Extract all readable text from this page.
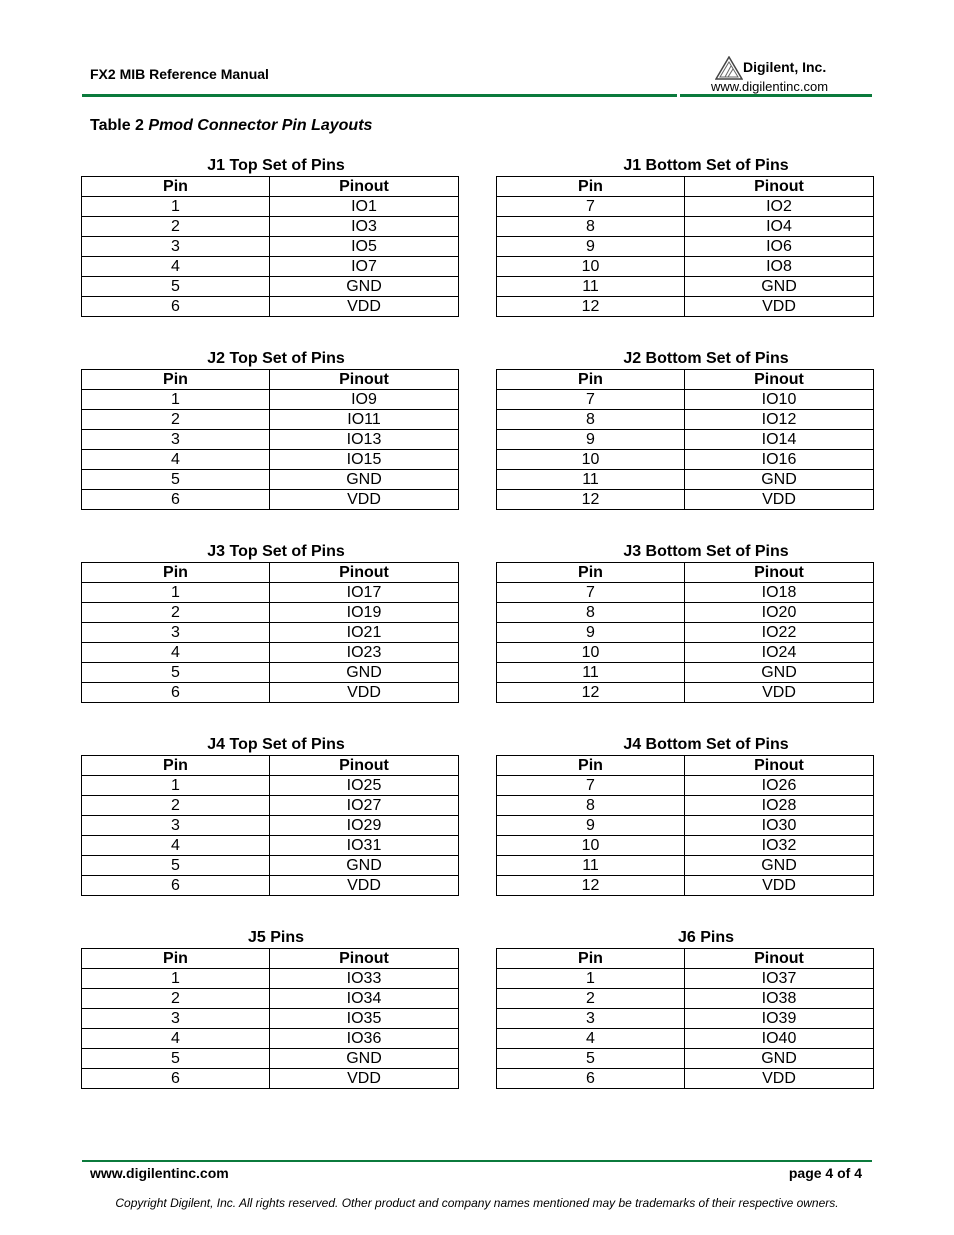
FX2 MIB Reference Manual	Digilent, Inc.
www.digilentinc.com
Table 2 Pmod Connector Pin Layouts
J1 Top Set of Pins
Pin	Pinout
1	IO1
2	IO3
3	IO5
4	IO7
5	GND
6	VDD
J1 Bottom Set of Pins
Pin	Pinout
7	IO2
8	IO4
9	IO6
10	IO8
11	GND
12	VDD
J2 Top Set of Pins
Pin	Pinout
1	IO9
2	IO11
3	IO13
4	IO15
5	GND
6	VDD
J2 Bottom Set of Pins
Pin	Pinout
7	IO10
8	IO12
9	IO14
10	IO16
11	GND
12	VDD
J3 Top Set of Pins
Pin	Pinout
1	IO17
2	IO19
3	IO21
4	IO23
5	GND
6	VDD
J3 Bottom Set of Pins
Pin	Pinout
7	IO18
8	IO20
9	IO22
10	IO24
11	GND
12	VDD
J4 Top Set of Pins
Pin	Pinout
1	IO25
2	IO27
3	IO29
4	IO31
5	GND
6	VDD
J4 Bottom Set of Pins
Pin	Pinout
7	IO26
8	IO28
9	IO30
10	IO32
11	GND
12	VDD
J5 Pins
Pin	Pinout
1	IO33
2	IO34
3	IO35
4	IO36
5	GND
6	VDD
J6 Pins
Pin	Pinout
1	IO37
2	IO38
3	IO39
4	IO40
5	GND
6	VDD
www.digilentinc.com	page 4 of 4
Copyright Digilent, Inc. All rights reserved. Other product and company names mentioned may be trademarks of their respective owners.
